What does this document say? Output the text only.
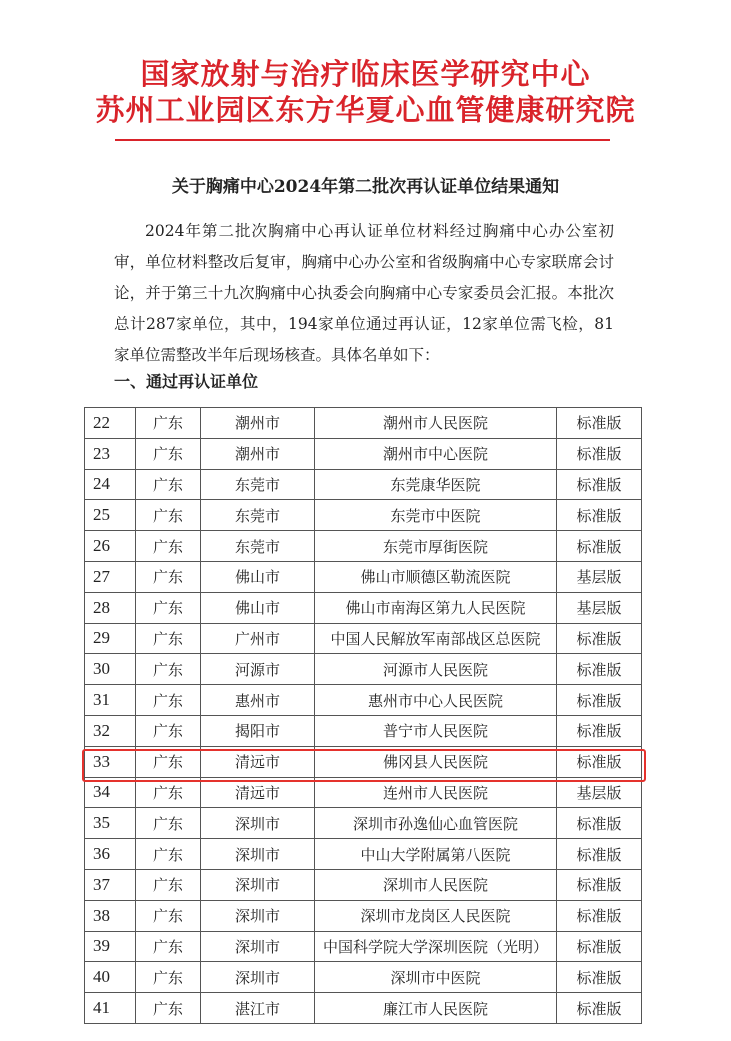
国家放射与治疗临床医学研究中心
苏州工业园区东方华夏心血管健康研究院
关于胸痛中心2024年第二批次再认证单位结果通知

2024年第二批次胸痛中心再认证单位材料经过胸痛中心办公室初审，单位材料整改后复审，胸痛中心办公室和省级胸痛中心专家联席会讨论，并于第三十九次胸痛中心执委会向胸痛中心专家委员会汇报。本批次总计287家单位，其中，194家单位通过再认证，12家单位需飞检，81家单位需整改半年后现场核查。具体名单如下：

一、通过再认证单位
22	广东	潮州市	潮州市人民医院	标准版
23	广东	潮州市	潮州市中心医院	标准版
24	广东	东莞市	东莞康华医院	标准版
25	广东	东莞市	东莞市中医院	标准版
26	广东	东莞市	东莞市厚街医院	标准版
27	广东	佛山市	佛山市顺德区勒流医院	基层版
28	广东	佛山市	佛山市南海区第九人民医院	基层版
29	广东	广州市	中国人民解放军南部战区总医院	标准版
30	广东	河源市	河源市人民医院	标准版
31	广东	惠州市	惠州市中心人民医院	标准版
32	广东	揭阳市	普宁市人民医院	标准版
33	广东	清远市	佛冈县人民医院	标准版
34	广东	清远市	连州市人民医院	基层版
35	广东	深圳市	深圳市孙逸仙心血管医院	标准版
36	广东	深圳市	中山大学附属第八医院	标准版
37	广东	深圳市	深圳市人民医院	标准版
38	广东	深圳市	深圳市龙岗区人民医院	标准版
39	广东	深圳市	中国科学院大学深圳医院（光明）	标准版
40	广东	深圳市	深圳市中医院	标准版
41	广东	湛江市	廉江市人民医院	标准版
